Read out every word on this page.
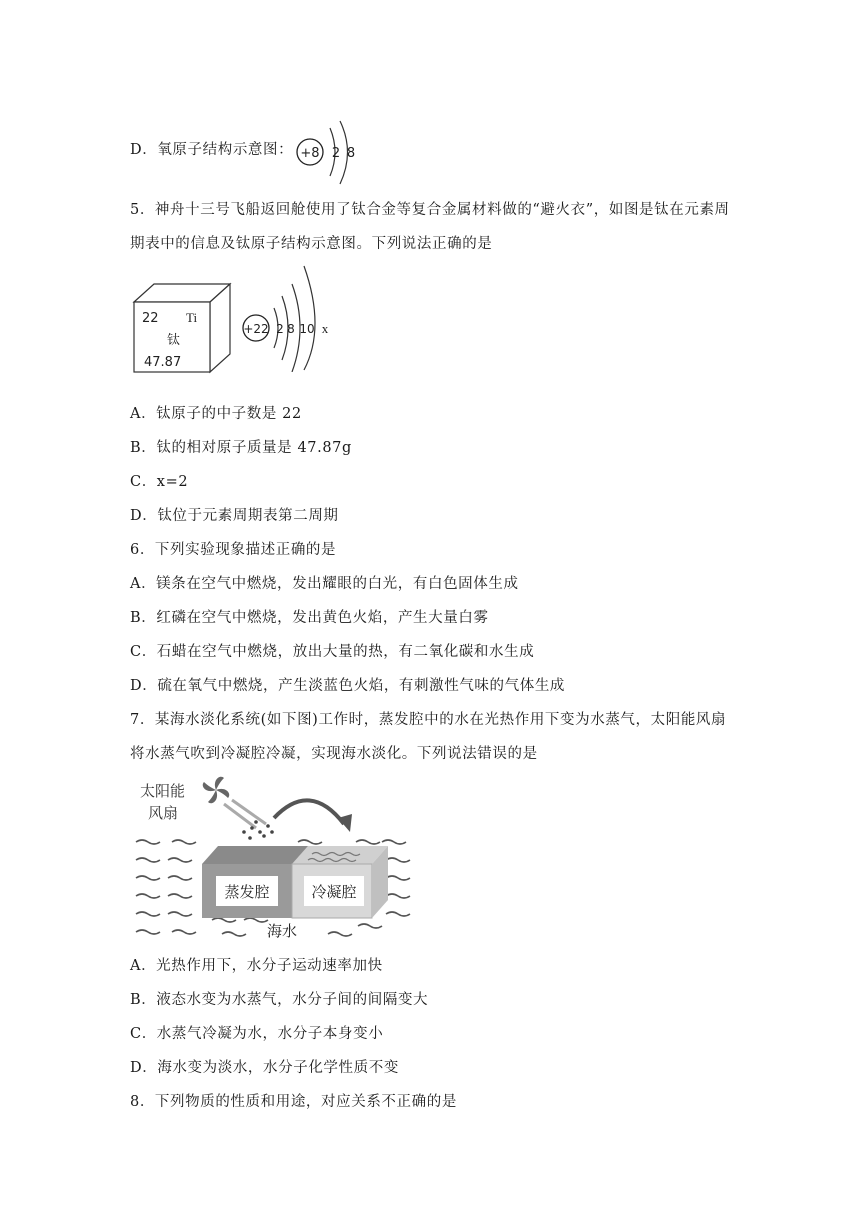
D．氧原子结构示意图： +8 2 8
5．神舟十三号飞船返回舱使用了钛合金等复合金属材料做的“避火衣”，如图是钛在元素周
期表中的信息及钛原子结构示意图。下列说法正确的是
22 Ti
钛
47.87
+22 2 8 10 x
A．钛原子的中子数是 22
B．钛的相对原子质量是 47.87g
C．x=2
D．钛位于元素周期表第二周期
6．下列实验现象描述正确的是
A．镁条在空气中燃烧，发出耀眼的白光，有白色固体生成
B．红磷在空气中燃烧，发出黄色火焰，产生大量白雾
C．石蜡在空气中燃烧，放出大量的热，有二氧化碳和水生成
D．硫在氧气中燃烧，产生淡蓝色火焰，有刺激性气味的气体生成
7．某海水淡化系统(如下图)工作时，蒸发腔中的水在光热作用下变为水蒸气，太阳能风扇
将水蒸气吹到冷凝腔冷凝，实现海水淡化。下列说法错误的是
太阳能
风扇
蒸发腔	冷凝腔
海水
A．光热作用下，水分子运动速率加快
B．液态水变为水蒸气，水分子间的间隔变大
C．水蒸气冷凝为水，水分子本身变小
D．海水变为淡水，水分子化学性质不变
8．下列物质的性质和用途，对应关系不正确的是
